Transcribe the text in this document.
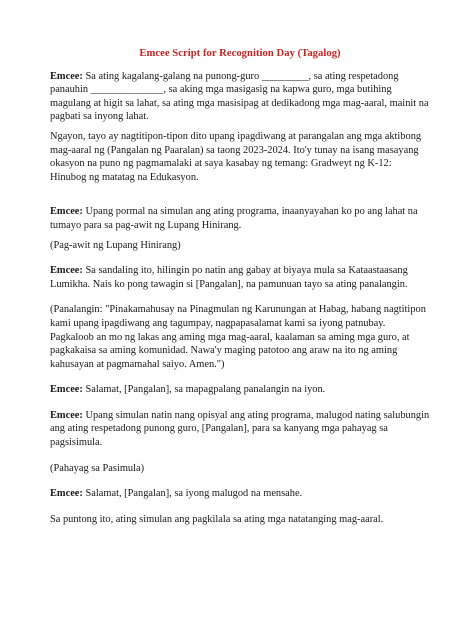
Emcee Script for Recognition Day (Tagalog)

Emcee: Sa ating kagalang-galang na punong-guro _________, sa ating respetadong panauhin ______________, sa aking mga masigasig na kapwa guro, mga butihing magulang at higit sa lahat, sa ating mga masisipag at dedikadong mga mag-aaral, mainit na pagbati sa inyong lahat.

Ngayon, tayo ay nagtitipon-tipon dito upang ipagdiwang at parangalan ang mga aktibong mag-aaral ng (Pangalan ng Paaralan) sa taong 2023-2024. Ito'y tunay na isang masayang okasyon na puno ng pagmamalaki at saya kasabay ng temang: Gradweyt ng K-12: Hinubog ng matatag na Edukasyon.

Emcee: Upang pormal na simulan ang ating programa, inaanyayahan ko po ang lahat na tumayo para sa pag-awit ng Lupang Hinirang.

(Pag-awit ng Lupang Hinirang)

Emcee: Sa sandaling ito, hilingin po natin ang gabay at biyaya mula sa Kataastaasang Lumikha. Nais ko pong tawagin si [Pangalan], na pamunuan tayo sa ating panalangin.

(Panalangin: "Pinakamahusay na Pinagmulan ng Karunungan at Habag, habang nagtitipon kami upang ipagdiwang ang tagumpay, nagpapasalamat kami sa iyong patnubay. Pagkaloob an mo ng lakas ang aming mga mag-aaral, kaalaman sa aming mga guro, at pagkakaisa sa aming komunidad. Nawa'y maging patotoo ang araw na ito ng aming kahusayan at pagmamahal saiyo. Amen.")

Emcee: Salamat, [Pangalan], sa mapagpalang panalangin na iyon.

Emcee: Upang simulan natin nang opisyal ang ating programa, malugod nating salubungin ang ating respetadong punong guro, [Pangalan], para sa kanyang mga pahayag sa pagsisimula.

(Pahayag sa Pasimula)

Emcee: Salamat, [Pangalan], sa iyong malugod na mensahe.

Sa puntong ito, ating simulan ang pagkilala sa ating mga natatanging mag-aaral.
